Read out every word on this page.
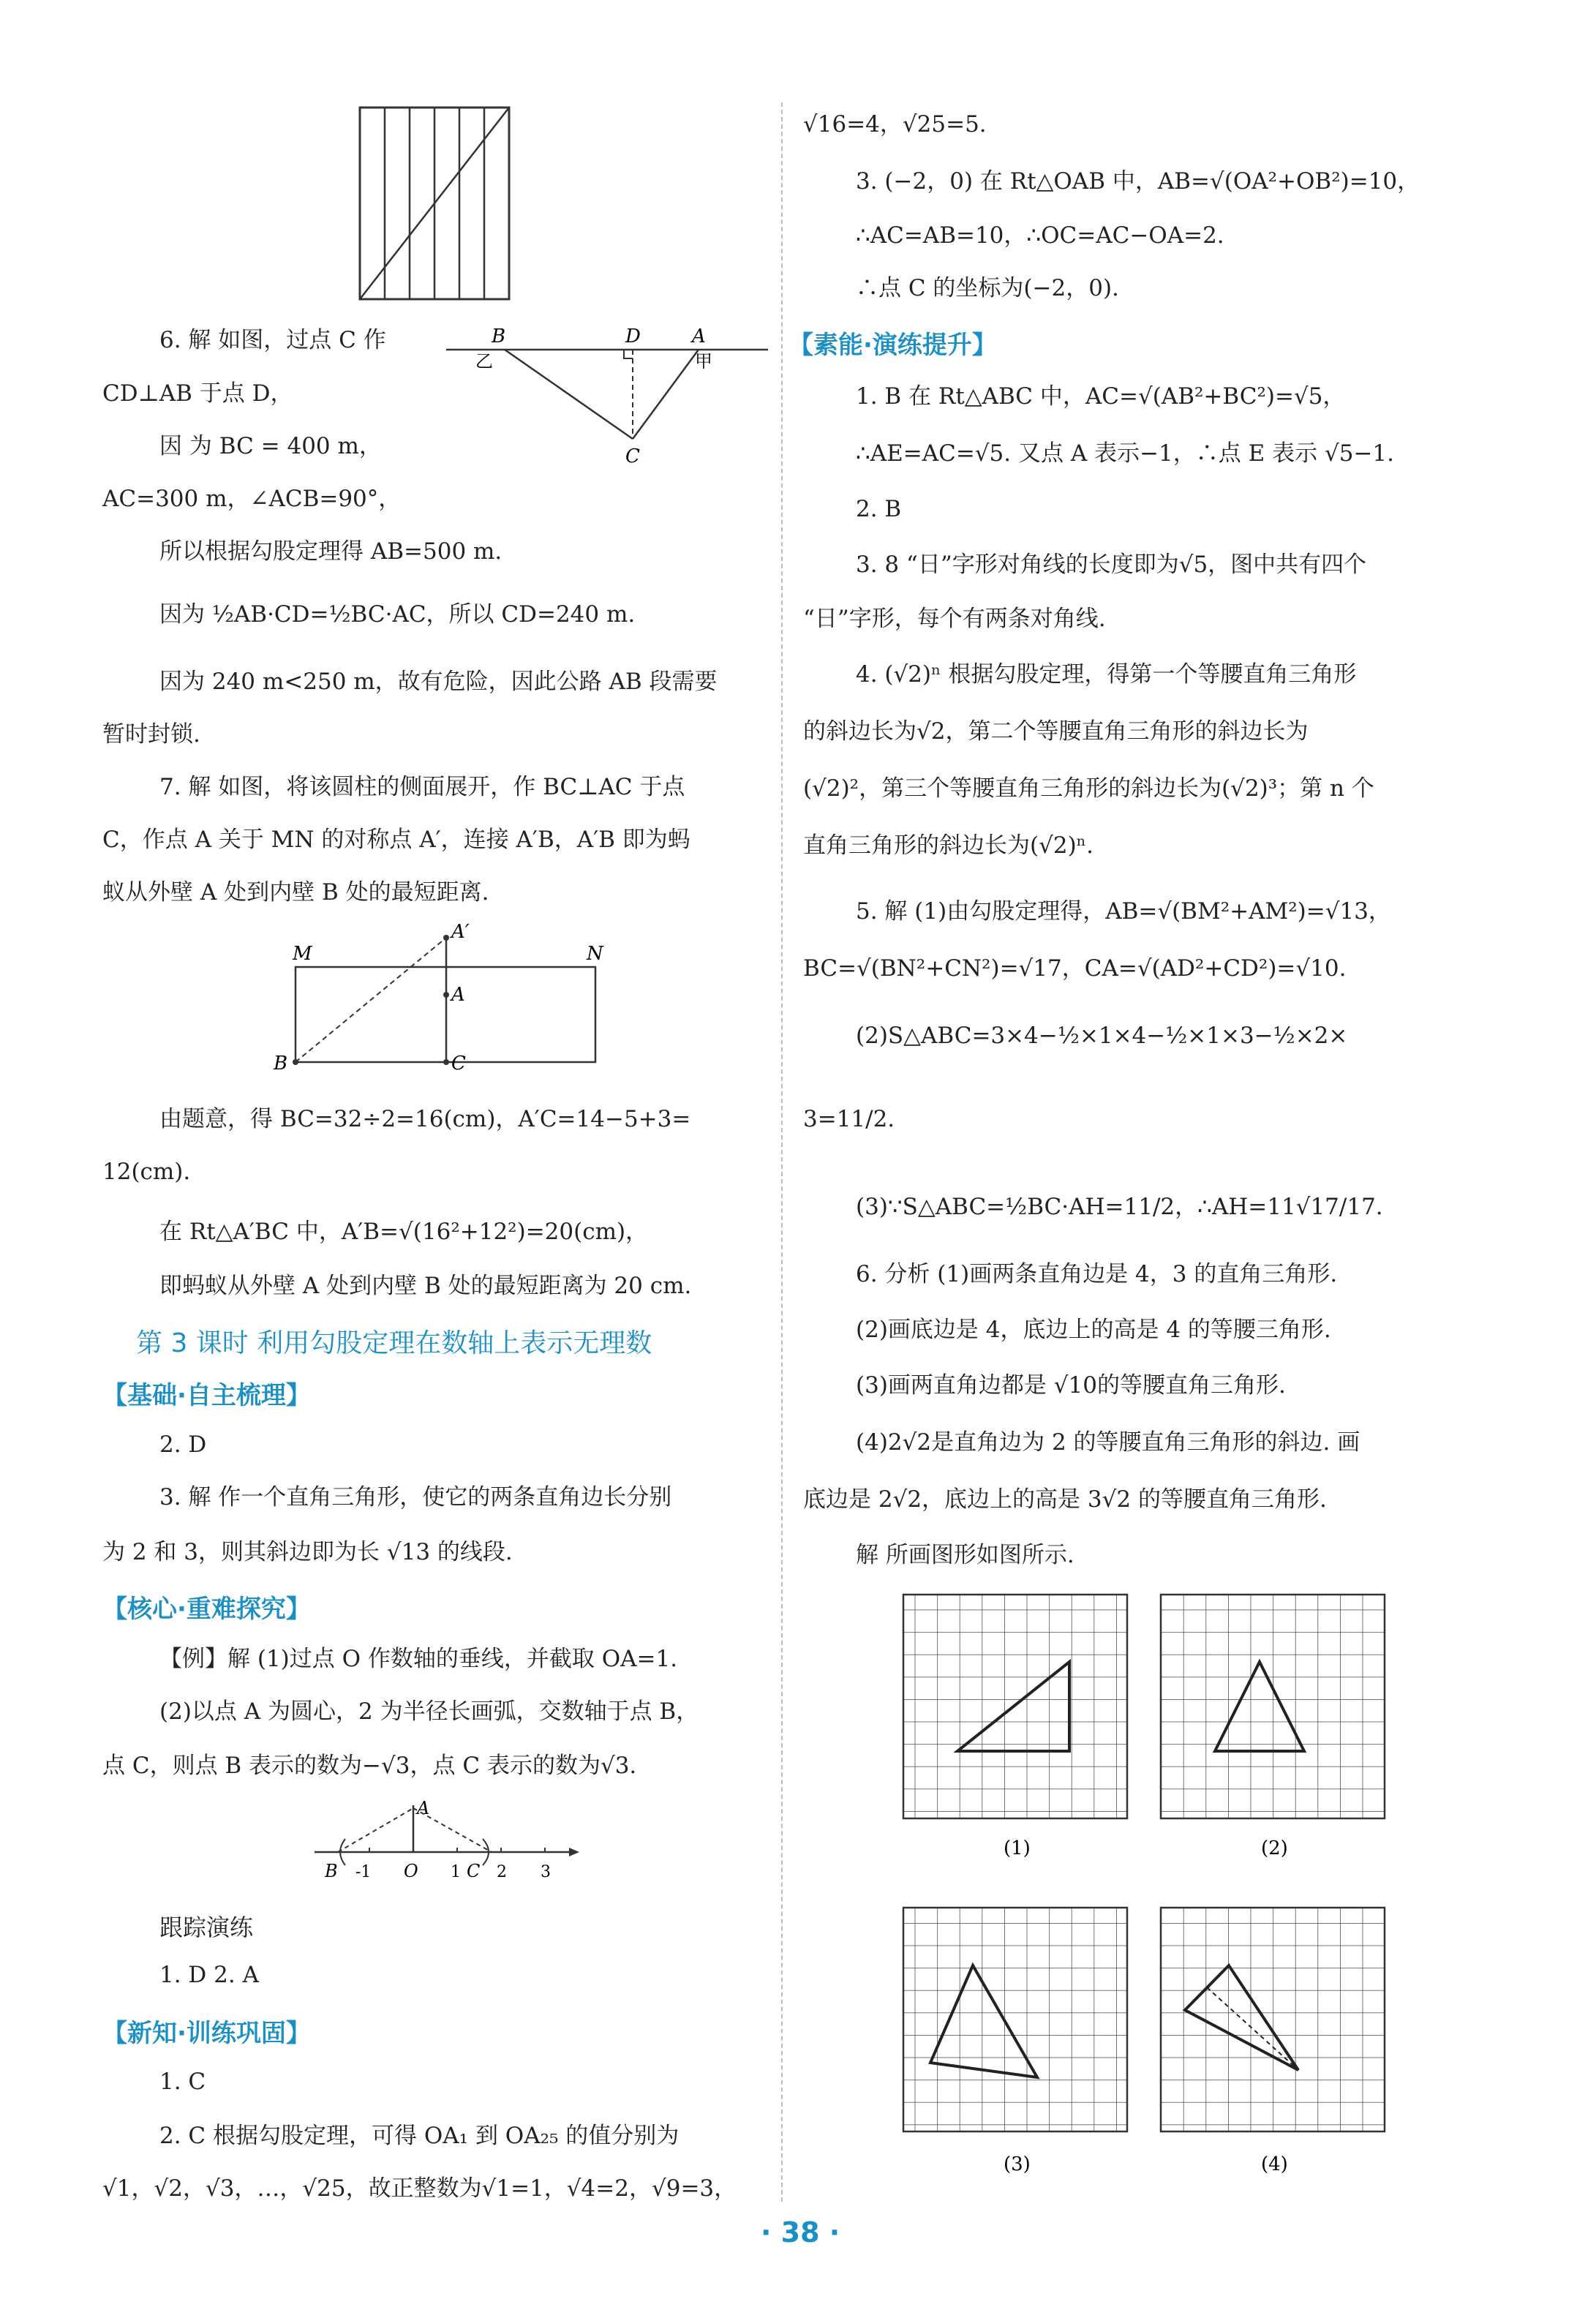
6. 解 如图，过点 C 作
CD⊥AB 于点 D，
因 为 BC = 400 m，
AC=300 m，∠ACB=90°，
所以根据勾股定理得 AB=500 m.
因为 ½AB·CD=½BC·AC，所以 CD=240 m.
因为 240 m<250 m，故有危险，因此公路 AB 段需要
暂时封锁.
B	D	A
C
乙	甲
7. 解 如图，将该圆柱的侧面展开，作 BC⊥AC 于点
C，作点 A 关于 MN 的对称点 A′，连接 A′B，A′B 即为蚂
蚁从外壁 A 处到内壁 B 处的最短距离.
M	N
A′
A
B	C
由题意，得 BC=32÷2=16(cm)，A′C=14−5+3=
12(cm).
在 Rt△A′BC 中，A′B=√(16²+12²)=20(cm)，
即蚂蚁从外壁 A 处到内壁 B 处的最短距离为 20 cm.
第 3 课时 利用勾股定理在数轴上表示无理数
【基础·自主梳理】
2. D
3. 解 作一个直角三角形，使它的两条直角边长分别
为 2 和 3，则其斜边即为长 √13 的线段.
【核心·重难探究】
【例】解 (1)过点 O 作数轴的垂线，并截取 OA=1.
(2)以点 A 为圆心，2 为半径长画弧，交数轴于点 B，
点 C，则点 B 表示的数为−√3，点 C 表示的数为√3.
A
B -1 O 1 C 2 3
跟踪演练
1. D 2. A
【新知·训练巩固】
1. C
2. C 根据勾股定理，可得 OA₁ 到 OA₂₅ 的值分别为
√1，√2，√3，…，√25，故正整数为√1=1，√4=2，√9=3，
√16=4，√25=5.
3. (−2，0) 在 Rt△OAB 中，AB=√(OA²+OB²)=10，
∴AC=AB=10，∴OC=AC−OA=2.
∴点 C 的坐标为(−2，0).
【素能·演练提升】
1. B 在 Rt△ABC 中，AC=√(AB²+BC²)=√5，
∴AE=AC=√5. 又点 A 表示−1，∴点 E 表示 √5−1.
2. B
3. 8 “日”字形对角线的长度即为√5，图中共有四个
“日”字形，每个有两条对角线.
4. (√2)ⁿ 根据勾股定理，得第一个等腰直角三角形
的斜边长为√2，第二个等腰直角三角形的斜边长为
(√2)²，第三个等腰直角三角形的斜边长为(√2)³；第 n 个
直角三角形的斜边长为(√2)ⁿ.
5. 解 (1)由勾股定理得，AB=√(BM²+AM²)=√13，
BC=√(BN²+CN²)=√17，CA=√(AD²+CD²)=√10.
(2)S△ABC=3×4−½×1×4−½×1×3−½×2×
3=11/2.
(3)∵S△ABC=½BC·AH=11/2，∴AH=11√17/17.
6. 分析 (1)画两条直角边是 4，3 的直角三角形.
(2)画底边是 4，底边上的高是 4 的等腰三角形.
(3)画两直角边都是 √10的等腰直角三角形.
(4)2√2是直角边为 2 的等腰直角三角形的斜边. 画
底边是 2√2，底边上的高是 3√2 的等腰直角三角形.
解 所画图形如图所示.
(1)	(2)
(3)	(4)
· 38 ·
